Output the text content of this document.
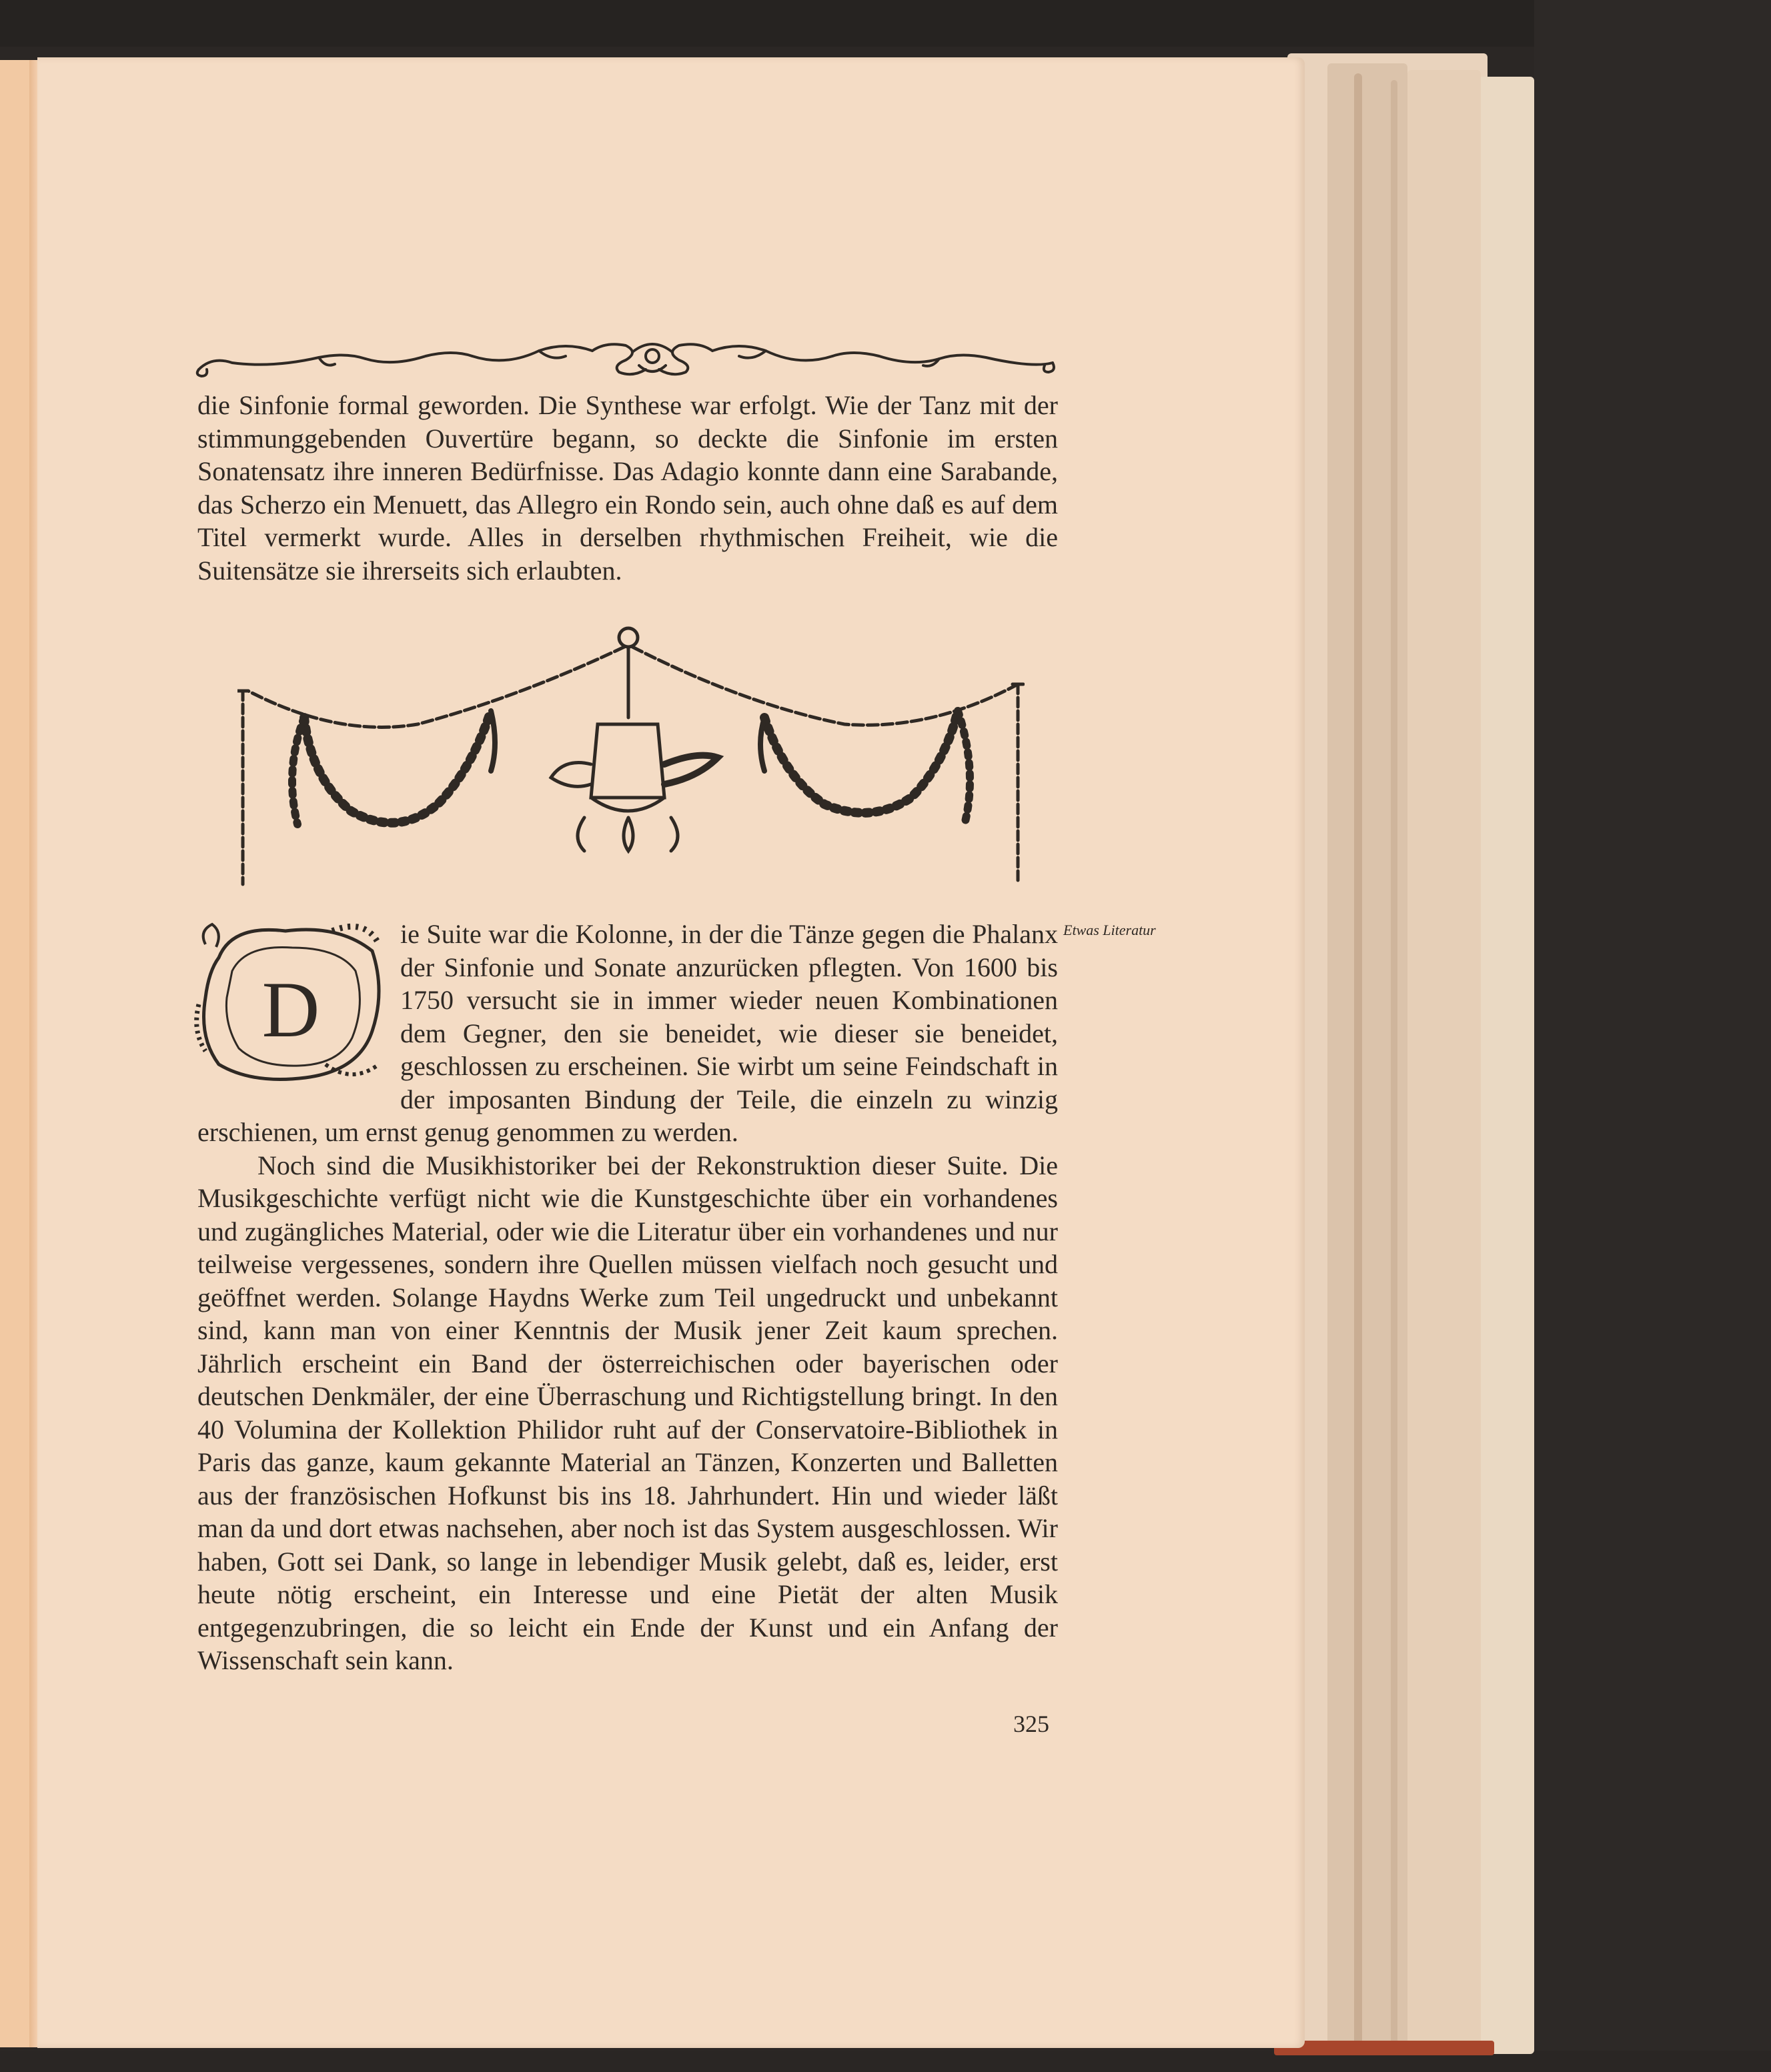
die Sinfonie formal geworden. Die Synthese war erfolgt. Wie der Tanz mit der stimmunggebenden Ouvertüre begann, so deckte die Sinfonie im ersten Sonatensatz ihre inneren Bedürfnisse. Das Adagio konnte dann eine Sarabande, das Scherzo ein Menuett, das Allegro ein Rondo sein, auch ohne daß es auf dem Titel vermerkt wurde. Alles in derselben rhythmischen Freiheit, wie die Suitensätze sie ihrerseits sich erlaubten.

D

ie Suite war die Kolonne, in der die Tänze gegen die Phalanx der Sinfonie und Sonate anzurücken pflegten. Von 1600 bis 1750 versucht sie in immer wieder neuen Kombinationen dem Gegner, den sie beneidet, wie dieser sie beneidet, geschlossen zu erscheinen. Sie wirbt um seine Feindschaft in der imposanten Bindung der Teile, die einzeln zu winzig erschienen, um ernst genug genommen zu werden.

Noch sind die Musikhistoriker bei der Rekonstruktion dieser Suite. Die Musikgeschichte verfügt nicht wie die Kunstgeschichte über ein vorhandenes und zugängliches Material, oder wie die Literatur über ein vorhandenes und nur teilweise vergessenes, sondern ihre Quellen müssen vielfach noch gesucht und geöffnet werden. Solange Haydns Werke zum Teil ungedruckt und unbekannt sind, kann man von einer Kenntnis der Musik jener Zeit kaum sprechen. Jährlich erscheint ein Band der österreichischen oder bayerischen oder deutschen Denkmäler, der eine Überraschung und Richtigstellung bringt. In den 40 Volumina der Kollektion Philidor ruht auf der Conservatoire-Bibliothek in Paris das ganze, kaum gekannte Material an Tänzen, Konzerten und Balletten aus der französischen Hofkunst bis ins 18. Jahrhundert. Hin und wieder läßt man da und dort etwas nachsehen, aber noch ist das System ausgeschlossen. Wir haben, Gott sei Dank, so lange in lebendiger Musik gelebt, daß es, leider, erst heute nötig erscheint, ein Interesse und eine Pietät der alten Musik entgegenzubringen, die so leicht ein Ende der Kunst und ein Anfang der Wissenschaft sein kann.

Etwas Literatur
325
